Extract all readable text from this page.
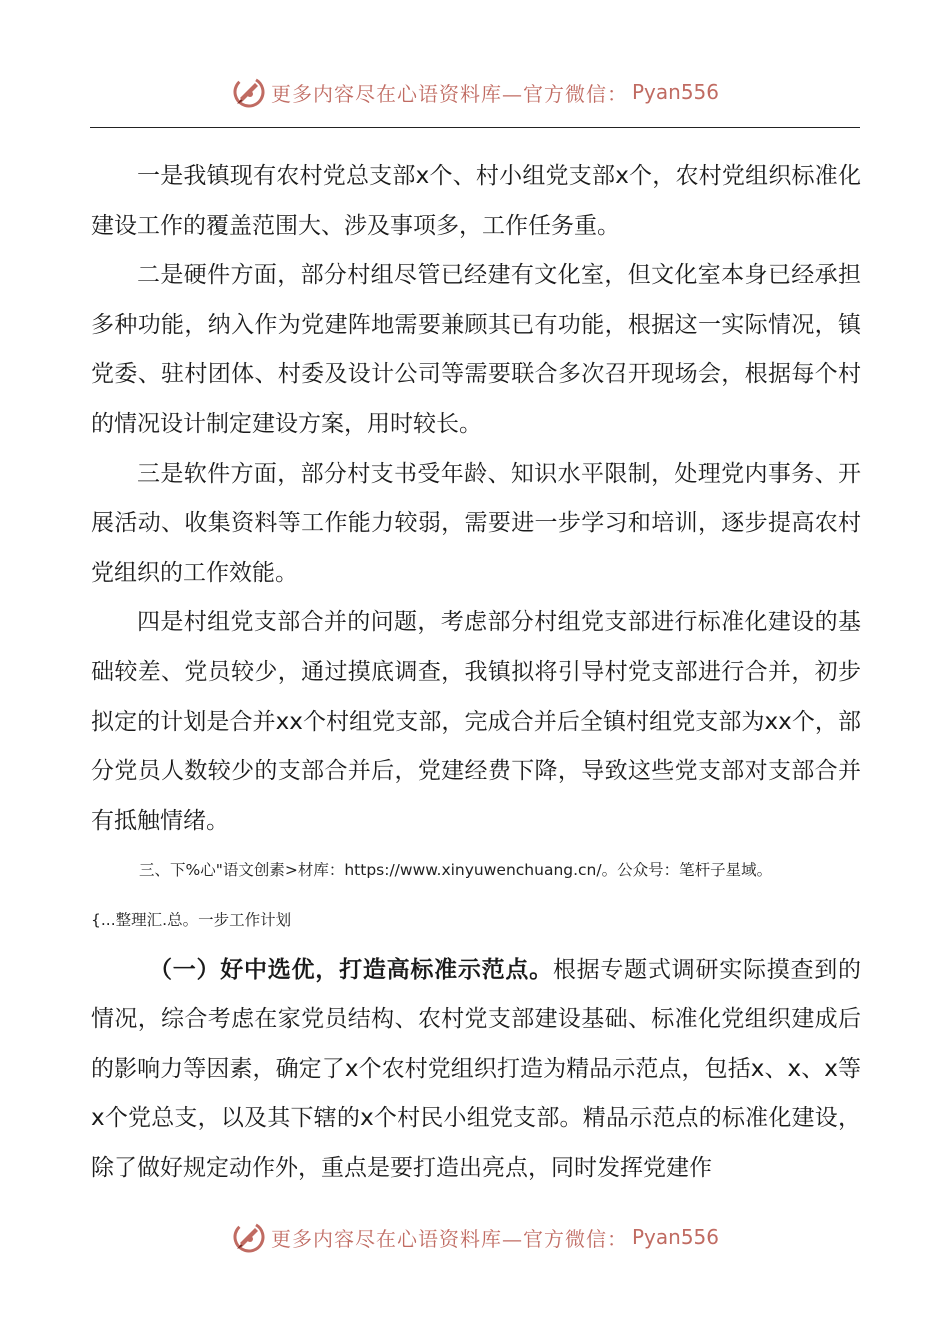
更多内容尽在心语资料库—官方微信： Pyan556

一是我镇现有农村党总支部x个、村小组党支部x个，农村党组织标准化建设工作的覆盖范围大、涉及事项多，工作任务重。

二是硬件方面，部分村组尽管已经建有文化室，但文化室本身已经承担多种功能，纳入作为党建阵地需要兼顾其已有功能，根据这一实际情况，镇党委、驻村团体、村委及设计公司等需要联合多次召开现场会，根据每个村的情况设计制定建设方案，用时较长。

三是软件方面，部分村支书受年龄、知识水平限制，处理党内事务、开展活动、收集资料等工作能力较弱，需要进一步学习和培训，逐步提高农村党组织的工作效能。

四是村组党支部合并的问题，考虑部分村组党支部进行标准化建设的基础较差、党员较少，通过摸底调查，我镇拟将引导村党支部进行合并，初步拟定的计划是合并xx个村组党支部，完成合并后全镇村组党支部为xx个，部分党员人数较少的支部合并后，党建经费下降，导致这些党支部对支部合并有抵触情绪。

三、下%心"语文创素>材库：https://www.xinyuwenchuang.cn/。公众号：笔杆子星域。

{...整理汇.总。一步工作计划

（一）好中选优，打造高标准示范点。根据专题式调研实际摸查到的情况，综合考虑在家党员结构、农村党支部建设基础、标准化党组织建成后的影响力等因素，确定了x个农村党组织打造为精品示范点，包括x、x、x等x个党总支，以及其下辖的x个村民小组党支部。精品示范点的标准化建设，除了做好规定动作外，重点是要打造出亮点，同时发挥党建作

更多内容尽在心语资料库—官方微信： Pyan556
